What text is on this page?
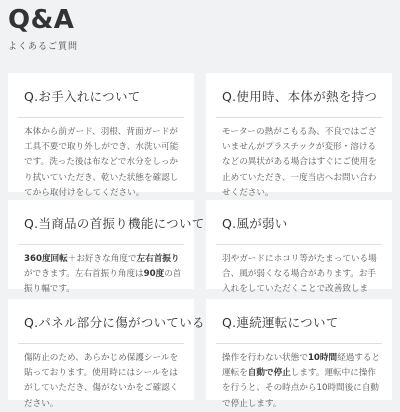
Q&A
よくあるご質問
Q.お手入れについて
本体から前ガード、羽根、背面ガードが工具不要で取り外しができ、水洗い可能です。洗った後は布などで水分をしっかり拭いていただき、乾いた状態を確認してから取付けをしてください。
Q.使用時、本体が熱を持つ
モーターの熱がこもる為、不良ではございませんがプラスチックが変形・溶けるなどの異状がある場合はすぐにご使用を止めていただき、一度当店へお問い合わせください。
Q.当商品の首振り機能について
360度回転＋お好きな角度で左右首振りができます。左右首振り角度は90度の首振り幅です。
Q.風が弱い
羽やガードにホコリ等がたまっている場合、風が弱くなる場合があります。お手入れをしていただくことで改善致しま
Q.パネル部分に傷がついている
傷防止のため、あらかじめ保護シールを貼っております。使用時にはシールをはがしていただき、傷がないかをご確認ください。
Q.連続運転について
操作を行わない状態で10時間経過すると運転を自動で停止します。運転中に操作を行うと、その時点から10時間後に自動で停止します。
